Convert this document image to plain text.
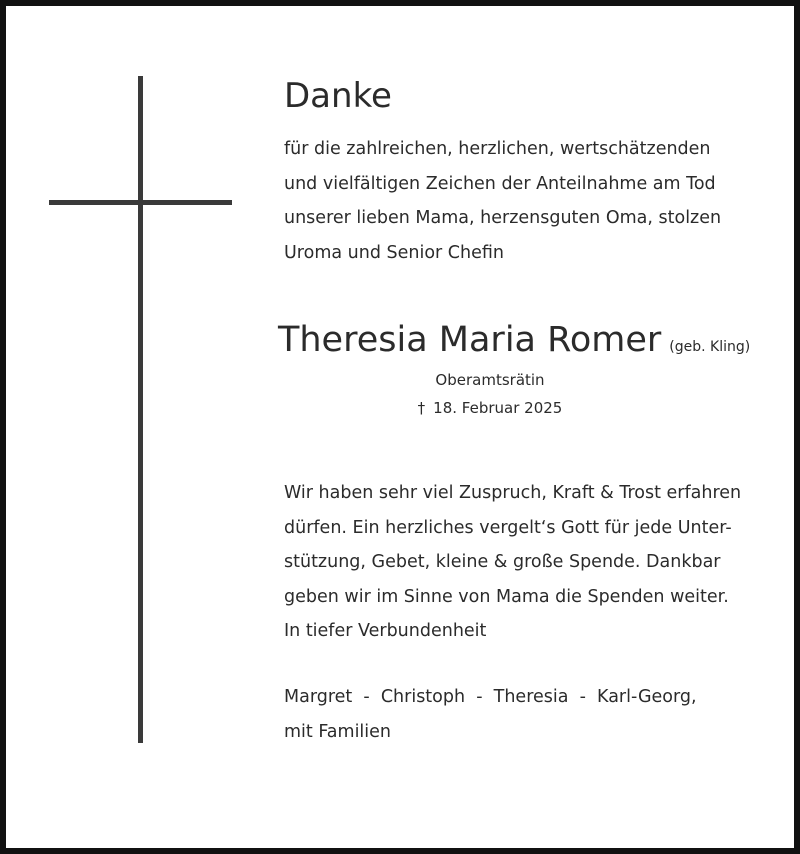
Danke

für die zahlreichen, herzlichen, wertschätzenden
und vielfältigen Zeichen der Anteilnahme am Tod
unserer lieben Mama, herzensguten Oma, stolzen
Uroma und Senior Chefin

Theresia Maria Romer (geb. Kling)
Oberamtsrätin
† 18. Februar 2025

Wir haben sehr viel Zuspruch, Kraft & Trost erfahren
dürfen. Ein herzliches vergelt‘s Gott für jede Unter-
stützung, Gebet, kleine & große Spende. Dankbar
geben wir im Sinne von Mama die Spenden weiter.
In tiefer Verbundenheit

Margret  -  Christoph  -  Theresia  -  Karl-Georg,
mit Familien
